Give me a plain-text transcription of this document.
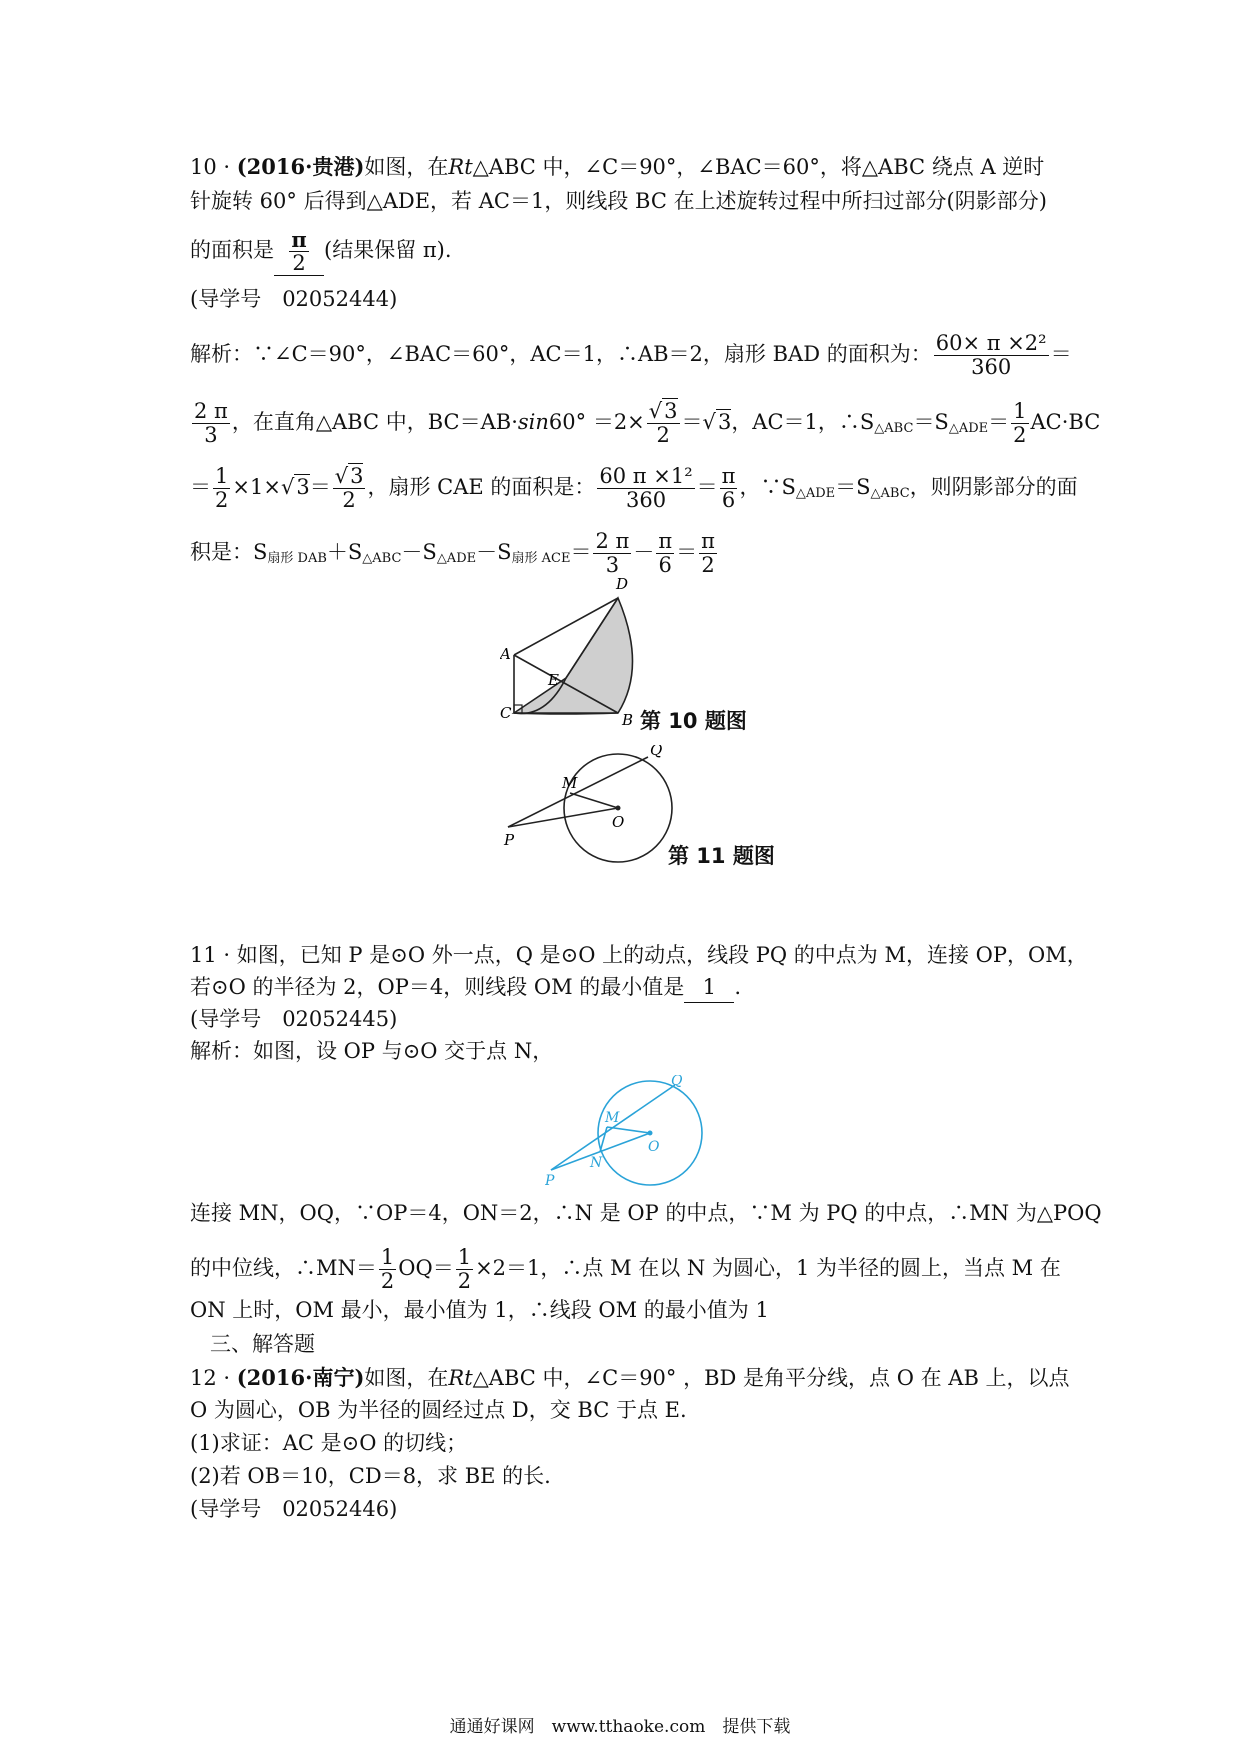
10 · (2016·贵港)如图，在Rt△ABC 中，∠C＝90°，∠BAC＝60°，将△ABC 绕点 A 逆时
针旋转 60° 后得到△ADE，若 AC＝1，则线段 BC 在上述旋转过程中所扫过部分(阴影部分)
的面积是 $\frac{\pi}{2}$ (结果保留 π).
(导学号　02052444)
解析：∵∠C＝90°，∠BAC＝60°，AC＝1，∴AB＝2，扇形 BAD 的面积为： $\frac{\text{60× π ×2²}}{360}$ ＝
$\frac{2 \pi}{3}$ ，在直角△ABC 中，$BC=AB\cdot\sin 60^\circ =2\times \frac{√3}{2} =√3$，AC＝1，$\therefore S_{\triangle ABC}=S_{\triangle ADE}= \frac{1}{2} AC\cdot BC$
＝ $\frac{1}{2} \times 1\times√3= \frac{√3}{2}$ ，扇形 CAE 的面积是： $\frac{\text{60 π ×1²}}{360} = \frac{\pi}{6}$ ，$\because S_{\triangle ADE}=S_{\triangle ABC}$，则阴影部分的面
积是：$S_{扇形 DAB}+S_{\triangle ABC}-S_{\triangle ADE}-S_{扇形 ACE}= \frac{2 \pi}{3} - \frac{\pi}{6} = \frac{\pi}{2}$
D
A
E
C	B 第 10 题图
Q
M
O
P
第 11 题图
11 · 如图，已知 P 是⊙O 外一点，Q 是⊙O 上的动点，线段 PQ 的中点为 M，连接 OP，OM，
若⊙O 的半径为 2，OP＝4，则线段 OM 的最小值是 1 .
(导学号　02052445)
解析：如图，设 OP 与⊙O 交于点 N，
Q
M
O
N
P
连接 MN，OQ，∵OP＝4，ON＝2，∴N 是 OP 的中点，∵M 为 PQ 的中点，∴MN 为△POQ
的中位线，∴MN＝ $\frac{1}{2} OQ= \frac{1}{2} \times 2=1$，∴点 M 在以 N 为圆心，1 为半径的圆上，当点 M 在
ON 上时，OM 最小，最小值为 1，∴线段 OM 的最小值为 1
三、解答题
12 · (2016·南宁)如图，在Rt△ABC 中，∠C＝90° ，BD 是角平分线，点 O 在 AB 上，以点
O 为圆心，OB 为半径的圆经过点 D，交 BC 于点 E.
(1)求证：AC 是⊙O 的切线；
(2)若 OB＝10，CD＝8，求 BE 的长.
(导学号　02052446)
通通好课网　www.tthaoke.com　提供下载
